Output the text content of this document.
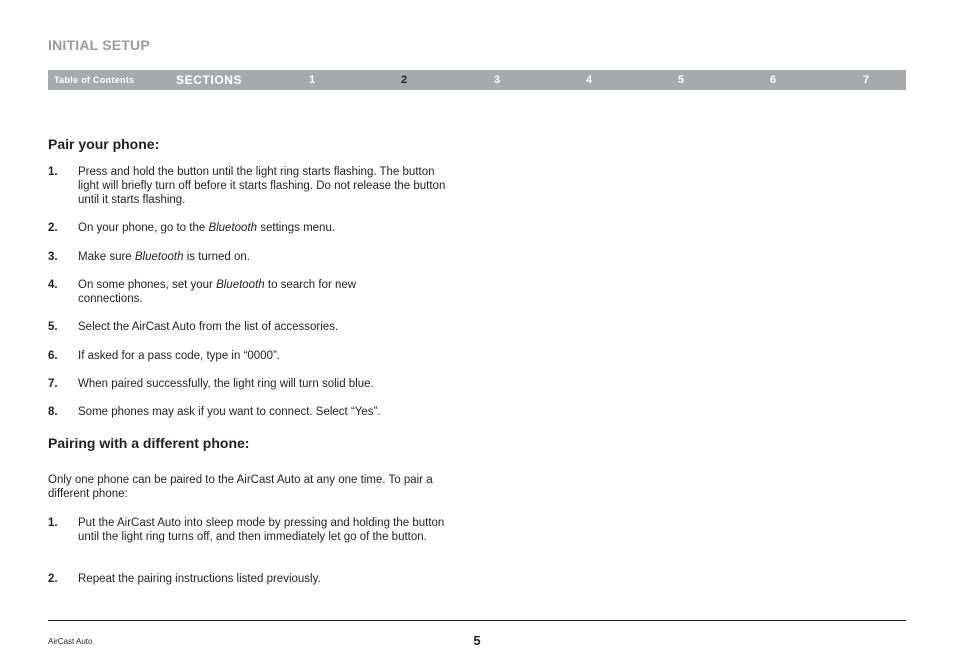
INITIAL SETUP
Table of Contents	SECTIONS	1	2	3	4	5	6	7
Pair your phone:
1. Press and hold the button until the light ring starts flashing. The button light will briefly turn off before it starts flashing. Do not release the button until it starts flashing.
2. On your phone, go to the Bluetooth settings menu.
3. Make sure Bluetooth is turned on.
4. On some phones, set your Bluetooth to search for new connections.
5. Select the AirCast Auto from the list of accessories.
6. If asked for a pass code, type in “0000”.
7. When paired successfully, the light ring will turn solid blue.
8. Some phones may ask if you want to connect. Select “Yes”.
Pairing with a different phone:

Only one phone can be paired to the AirCast Auto at any one time. To pair a different phone:

1. Put the AirCast Auto into sleep mode by pressing and holding the button until the light ring turns off, and then immediately let go of the button.
2. Repeat the pairing instructions listed previously.
AirCast Auto	5
